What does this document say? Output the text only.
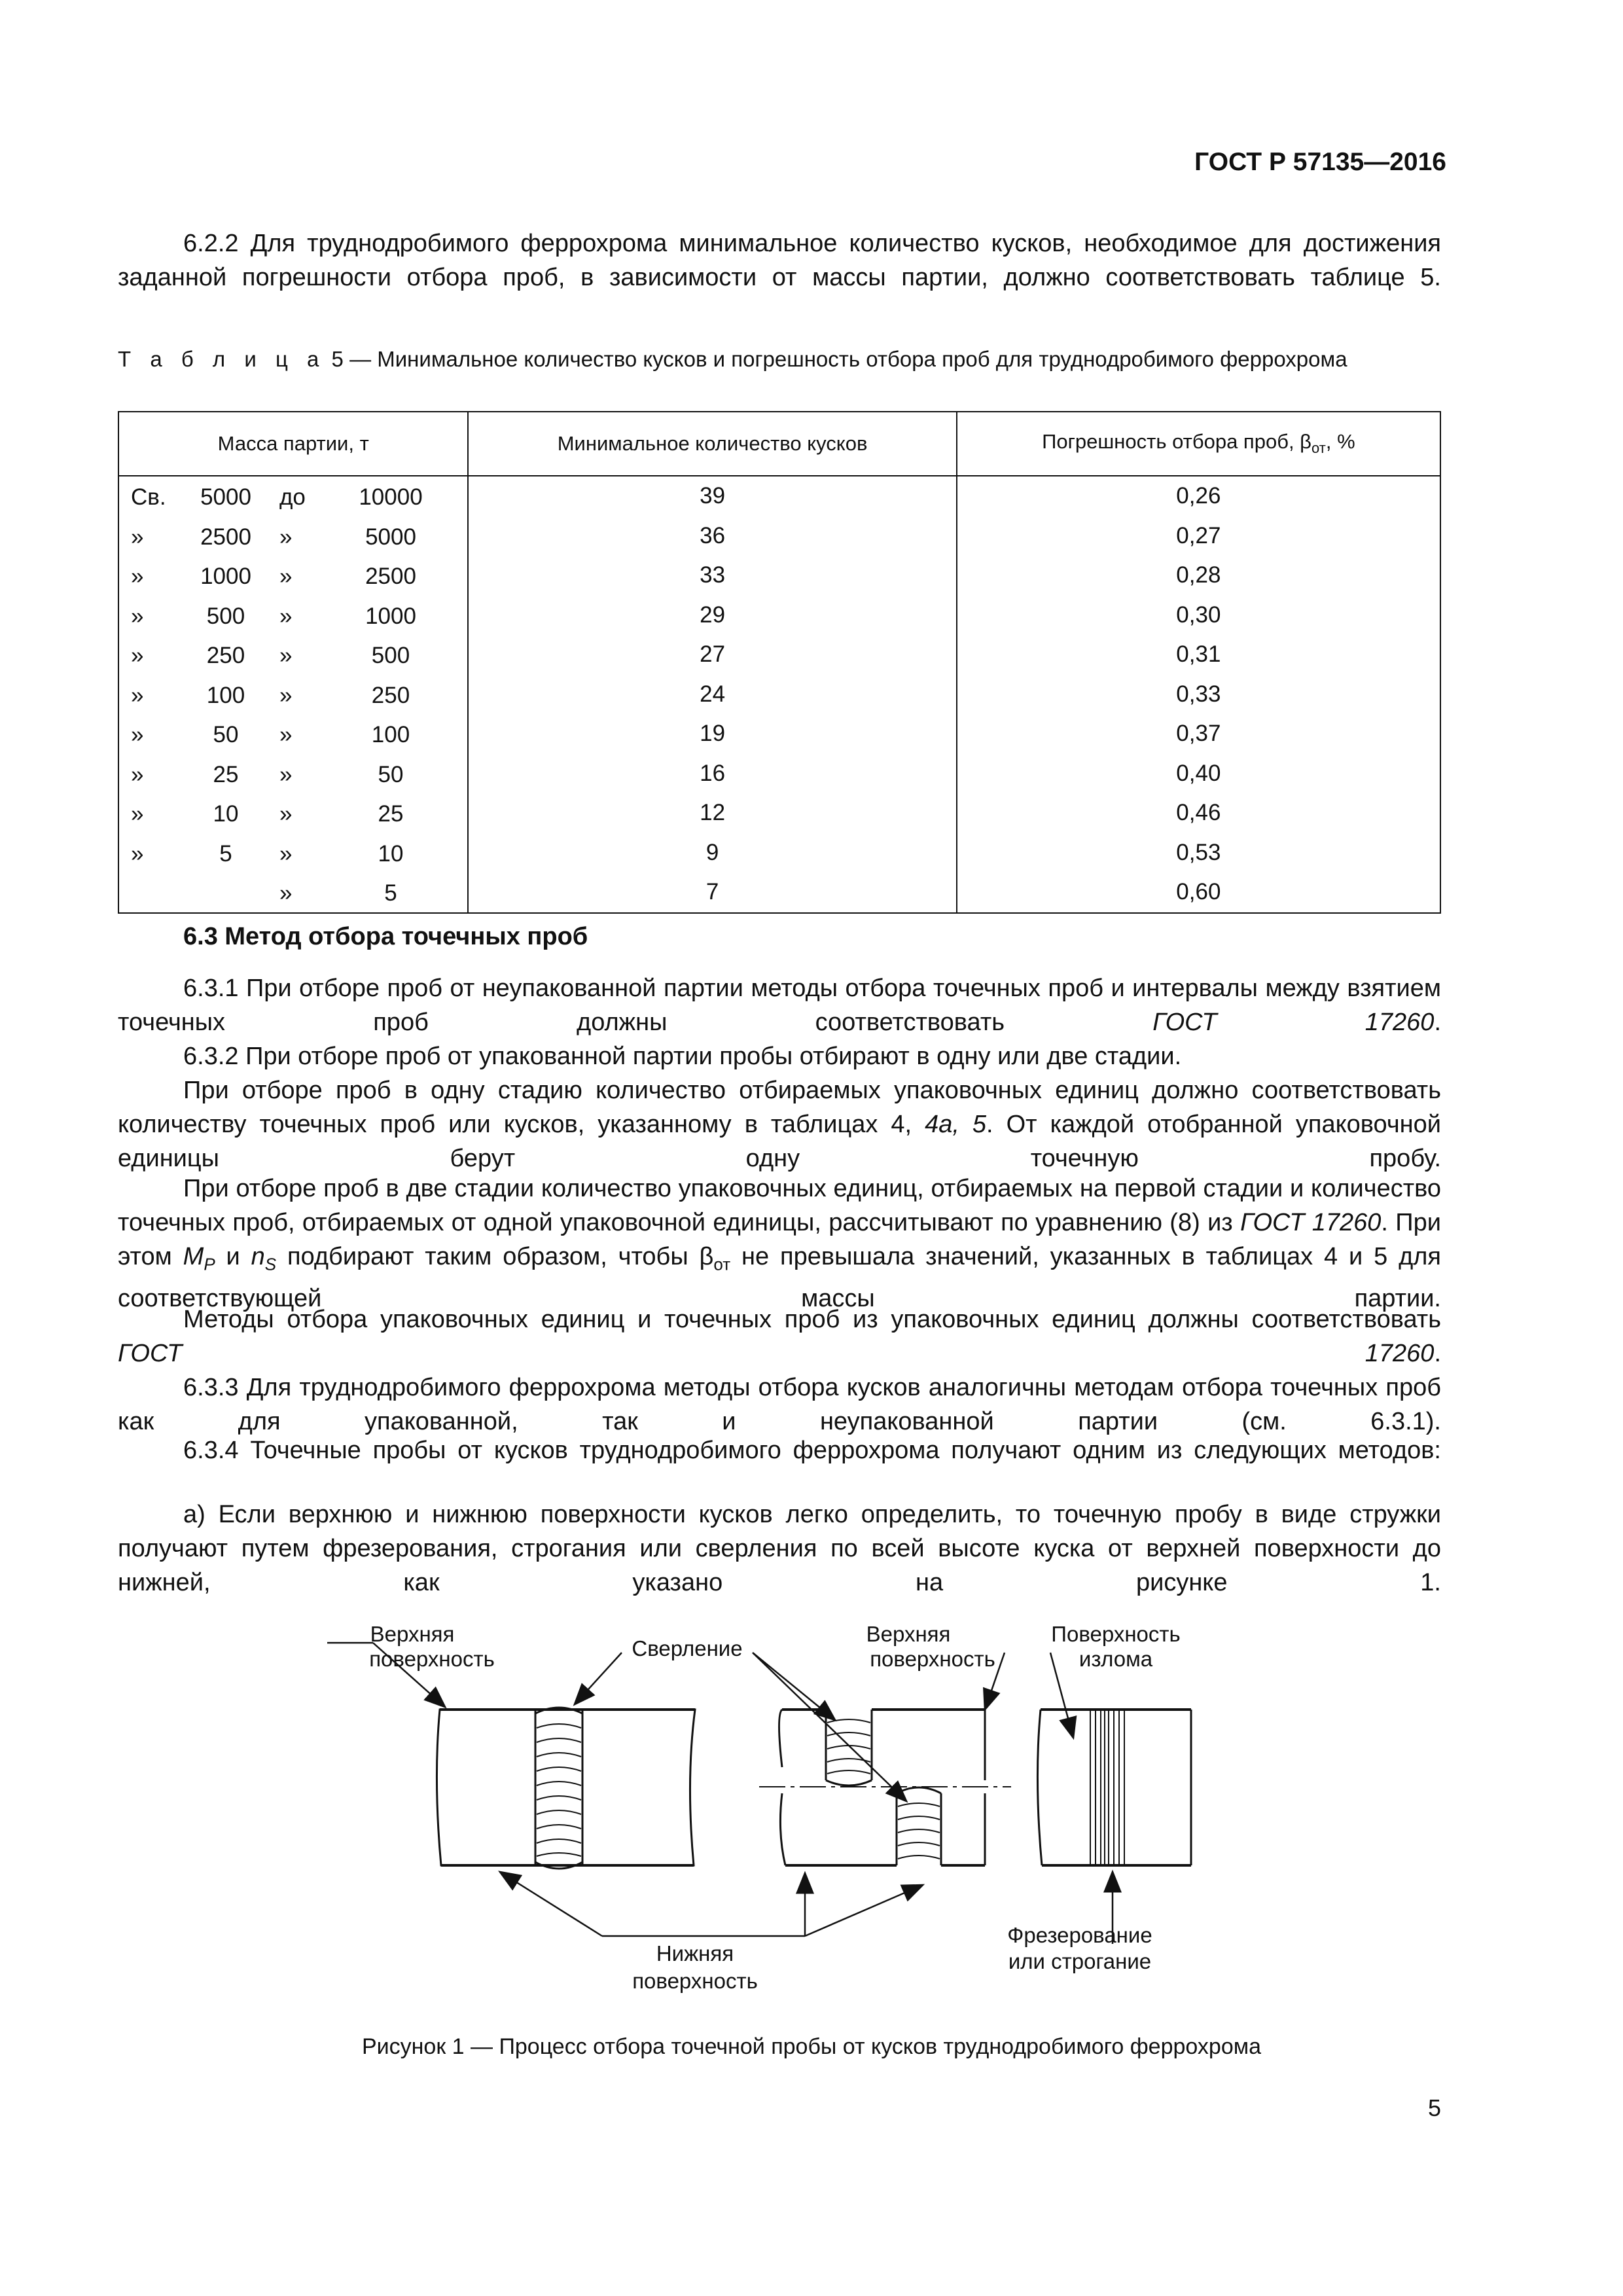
ГОСТ Р 57135—2016
6.2.2 Для труднодробимого феррохрома минимальное количество кусков, необходимое для достижения заданной погрешности отбора проб, в зависимости от массы партии, должно соответствовать таблице 5.
Т а б л и ц а 5 — Минимальное количество кусков и погрешность отбора проб для труднодробимого феррохрома
Масса партии, т	Минимальное количество кусков	Погрешность отбора проб, $\beta_{от}$, %

Св. 5000 до 10000	39	0,26

» 2500 » 5000	36	0,27

» 1000 » 2500	33	0,28

» 500 » 1000	29	0,30

» 250 » 500	27	0,31

» 100 » 250	24	0,33

» 50 » 100	19	0,37

» 25 » 50	16	0,40

» 10 » 25	12	0,46

» 5 » 10	9	0,53

» 5	7	0,60
6.3 Метод отбора точечных проб
6.3.1 При отборе проб от неупакованной партии методы отбора точечных проб и интервалы между взятием точечных проб должны соответствовать ГОСТ 17260.
6.3.2 При отборе проб от упакованной партии пробы отбирают в одну или две стадии.
При отборе проб в одну стадию количество отбираемых упаковочных единиц должно соответствовать количеству точечных проб или кусков, указанному в таблицах 4, 4а, 5. От каждой отобранной упаковочной единицы берут одну точечную пробу.
При отборе проб в две стадии количество упаковочных единиц, отбираемых на первой стадии и количество точечных проб, отбираемых от одной упаковочной единицы, рассчитывают по уравнению (8) из ГОСТ 17260. При этом $M_P$ и $n_S$ подбирают таким образом, чтобы $\beta_{от}$ не превышала значений, указанных в таблицах 4 и 5 для соответствующей массы партии.
Методы отбора упаковочных единиц и точечных проб из упаковочных единиц должны соответствовать ГОСТ 17260.
6.3.3 Для труднодробимого феррохрома методы отбора кусков аналогичны методам отбора точечных проб как для упакованной, так и неупакованной партии (см. 6.3.1).
6.3.4 Точечные пробы от кусков труднодробимого феррохрома получают одним из следующих методов:
а) Если верхнюю и нижнюю поверхности кусков легко определить, то точечную пробу в виде стружки получают путем фрезерования, строгания или сверления по всей высоте куска от верхней поверхности до нижней, как указано на рисунке 1.
Верхняя
поверхность	Сверление
Верхняя
поверхность
Поверхность
излома
Нижняя
поверхность
Фрезерование
или строгание
Рисунок 1 — Процесс отбора точечной пробы от кусков труднодробимого феррохрома
5
